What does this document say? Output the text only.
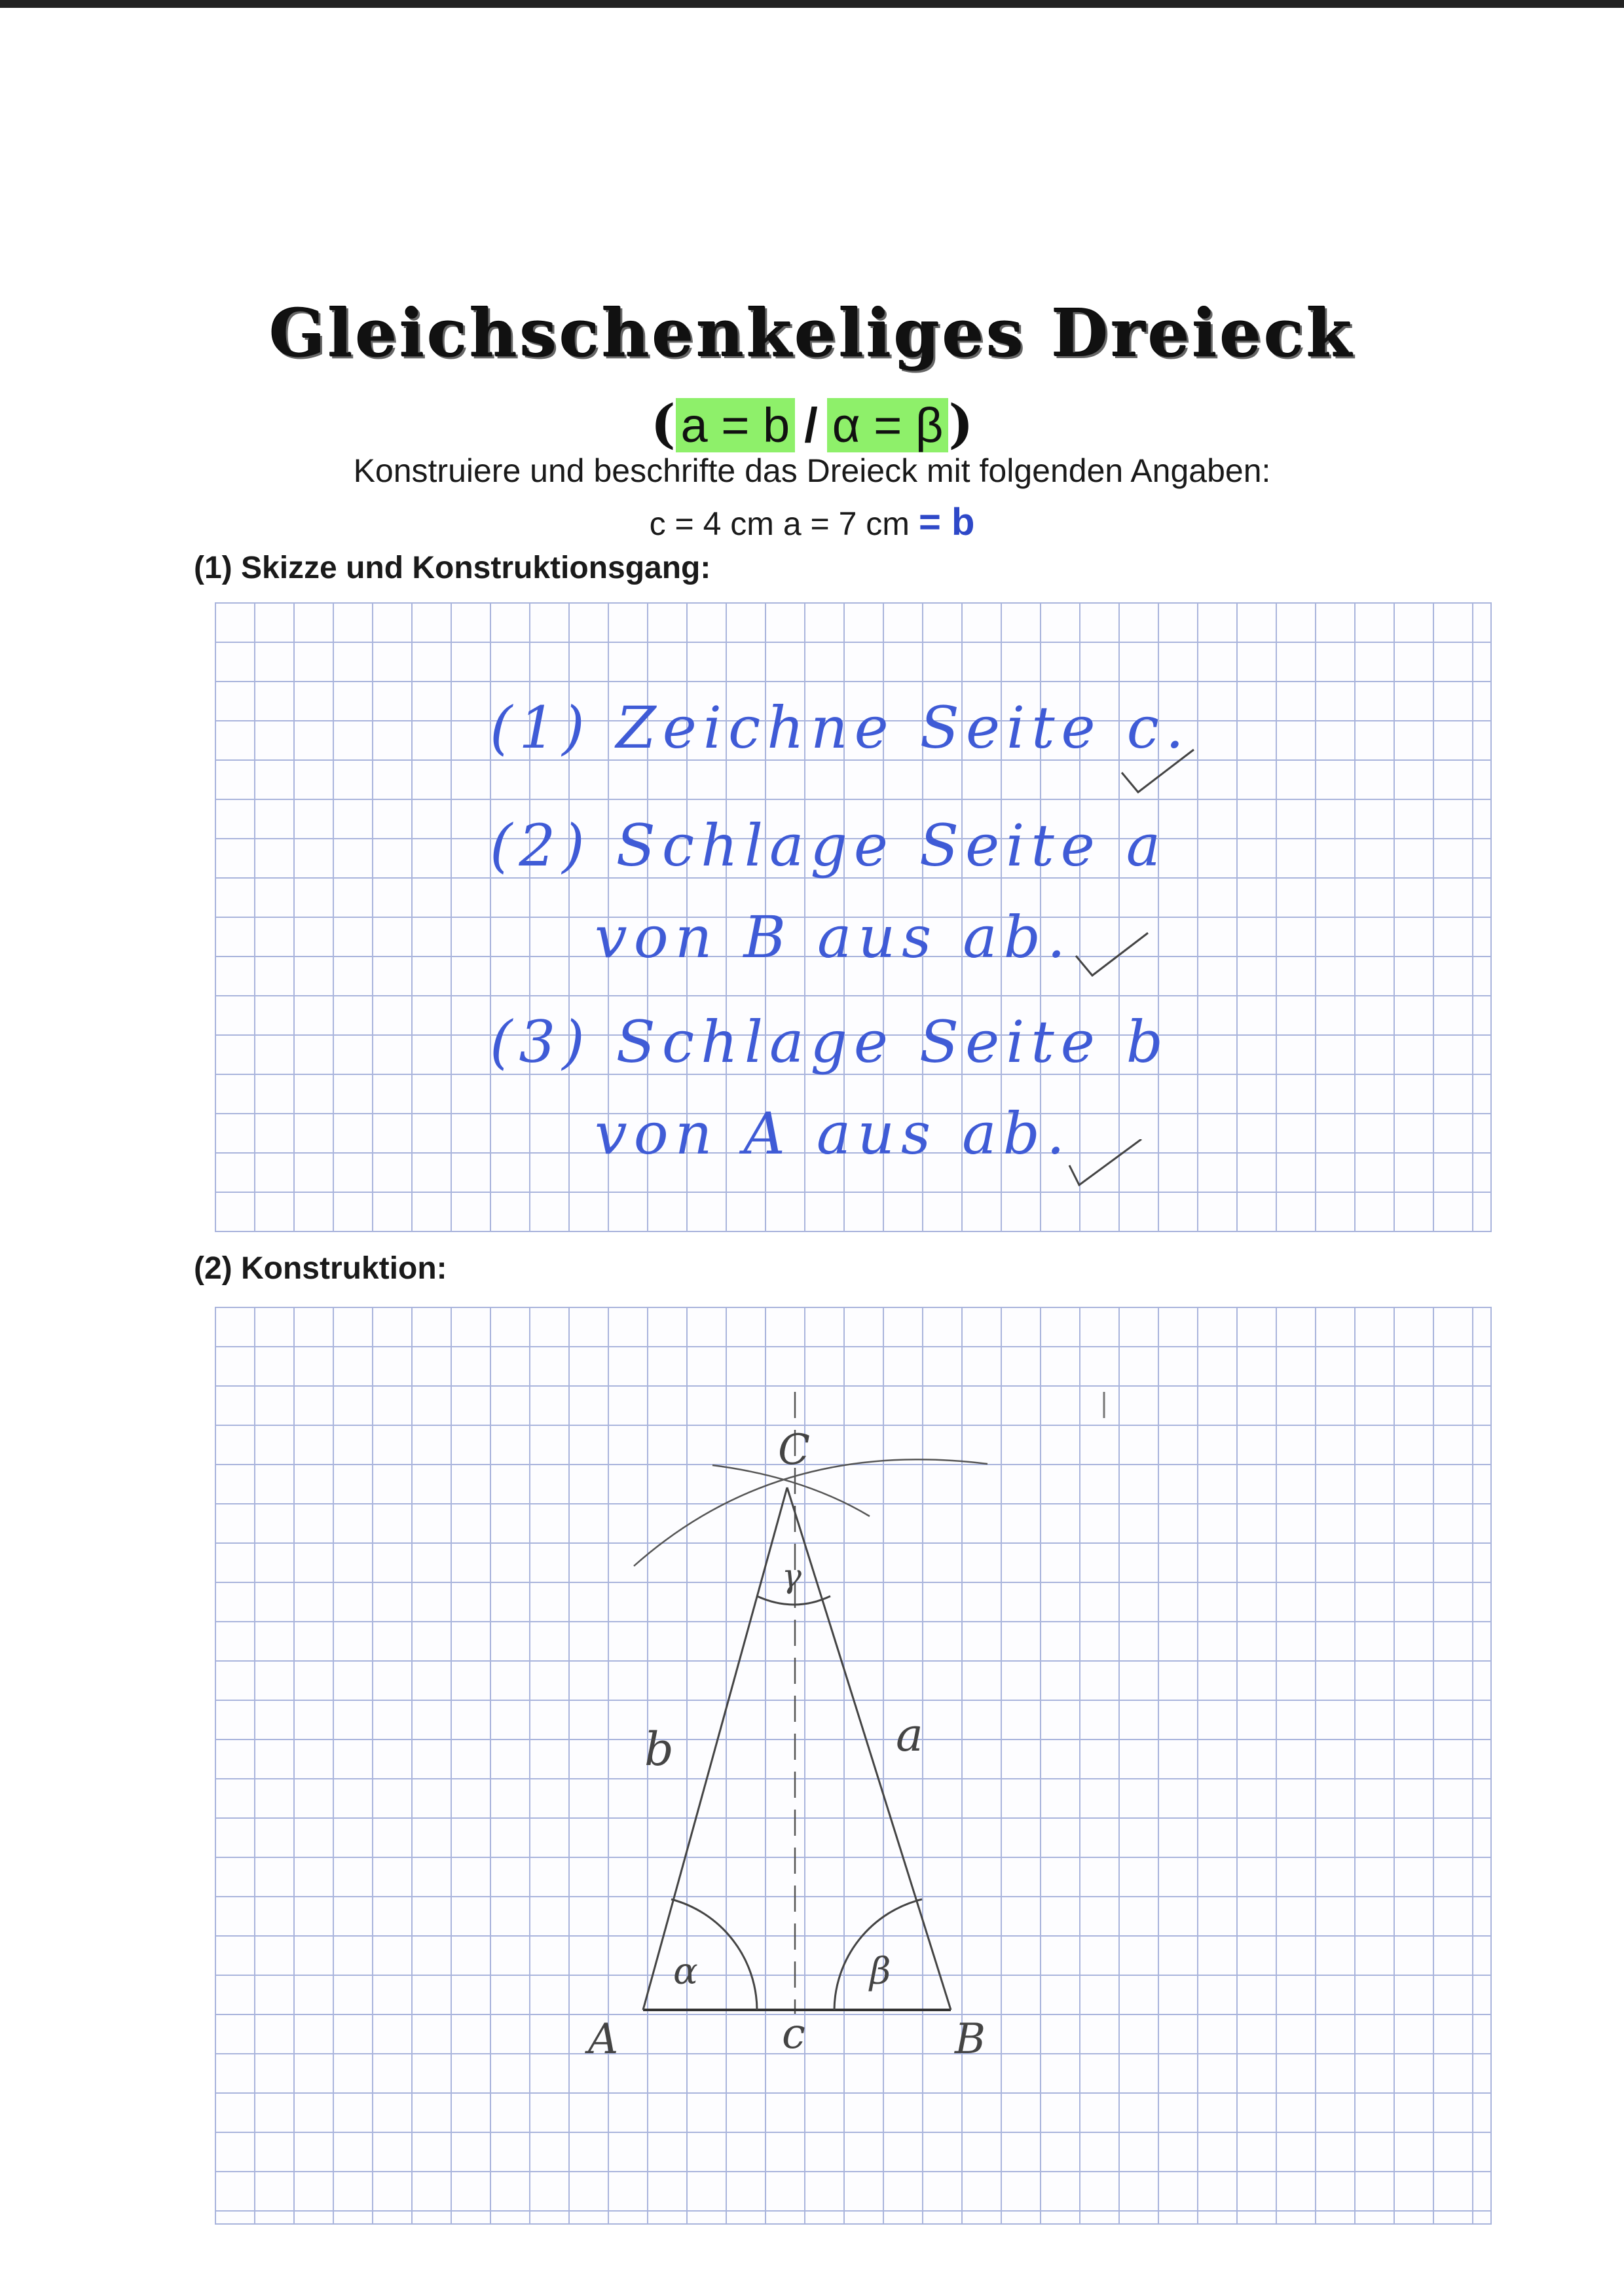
Gleichschenkeliges Dreieck
( a = b / α = β )
Konstruiere und beschrifte das Dreieck mit folgenden Angaben:
c = 4 cm a = 7 cm = b
(1) Skizze und Konstruktionsgang:
(1) Zeichne Seite c.
(2) Schlage Seite a
von B aus ab.
(3) Schlage Seite b
von A aus ab.
(2) Konstruktion:
A	B
C
b	a
c
α	β
γ
